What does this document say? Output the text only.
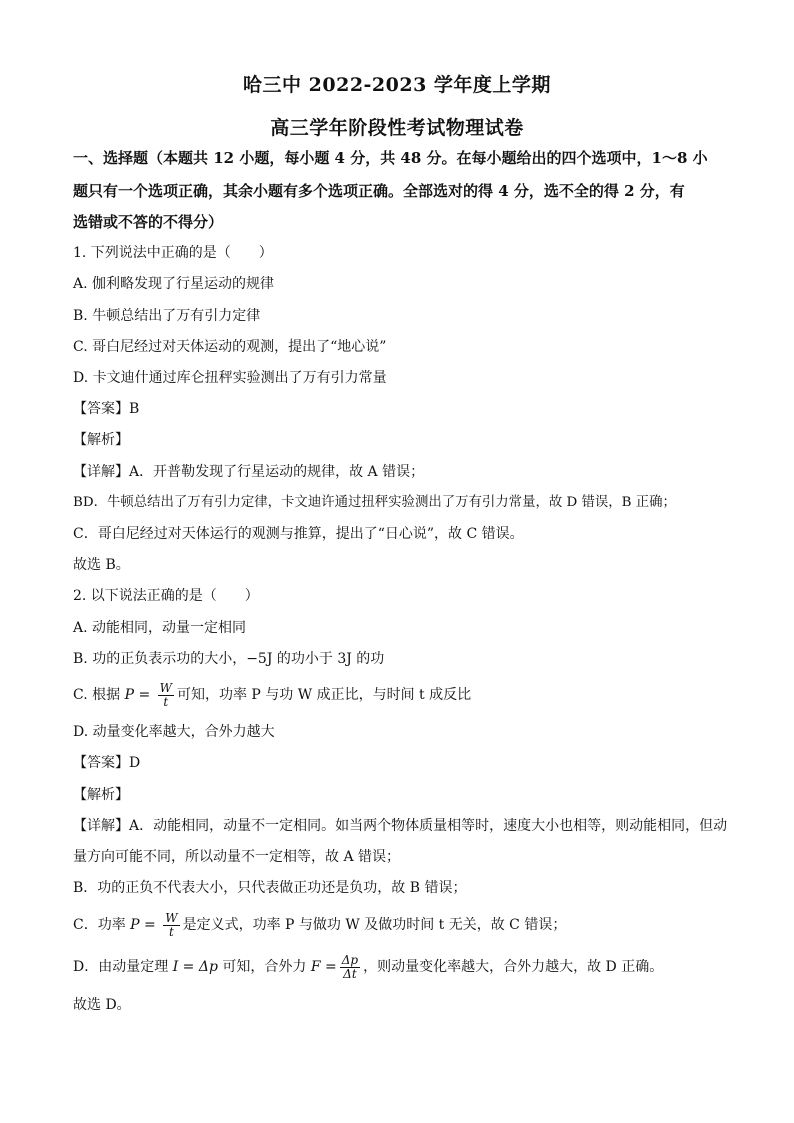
哈三中 2022-2023 学年度上学期
高三学年阶段性考试物理试卷
一、选择题（本题共 12 小题，每小题 4 分，共 48 分。在每小题给出的四个选项中，1～8 小
题只有一个选项正确，其余小题有多个选项正确。全部选对的得 4 分，选不全的得 2 分，有
选错或不答的不得分）
1. 下列说法中正确的是（　　）
A. 伽利略发现了行星运动的规律
B. 牛顿总结出了万有引力定律
C. 哥白尼经过对天体运动的观测，提出了“地心说”
D. 卡文迪什通过库仑扭秤实验测出了万有引力常量
【答案】B
【解析】
【详解】A．开普勒发现了行星运动的规律，故 A 错误；
BD．牛顿总结出了万有引力定律，卡文迪许通过扭秤实验测出了万有引力常量，故 D 错误，B 正确；
C．哥白尼经过对天体运行的观测与推算，提出了“日心说”，故 C 错误。
故选 B。
2. 以下说法正确的是（　　）
A. 动能相同，动量一定相同
B. 功的正负表示功的大小，−5J 的功小于 3J 的功
C. 根据 $P = \frac{W}{t}$ 可知，功率 P 与功 W 成正比，与时间 t 成反比
D. 动量变化率越大，合外力越大
【答案】D
【解析】
【详解】A．动能相同，动量不一定相同。如当两个物体质量相等时，速度大小也相等，则动能相同，但动
量方向可能不同，所以动量不一定相等，故 A 错误；
B．功的正负不代表大小，只代表做正功还是负功，故 B 错误；
C．功率 $P = \frac{W}{t}$ 是定义式，功率 P 与做功 W 及做功时间 t 无关，故 C 错误；
D．由动量定理 I = Δp 可知，合外力 $F = \frac{\Delta p}{\Delta t}$ ，则动量变化率越大，合外力越大，故 D 正确。
故选 D。
